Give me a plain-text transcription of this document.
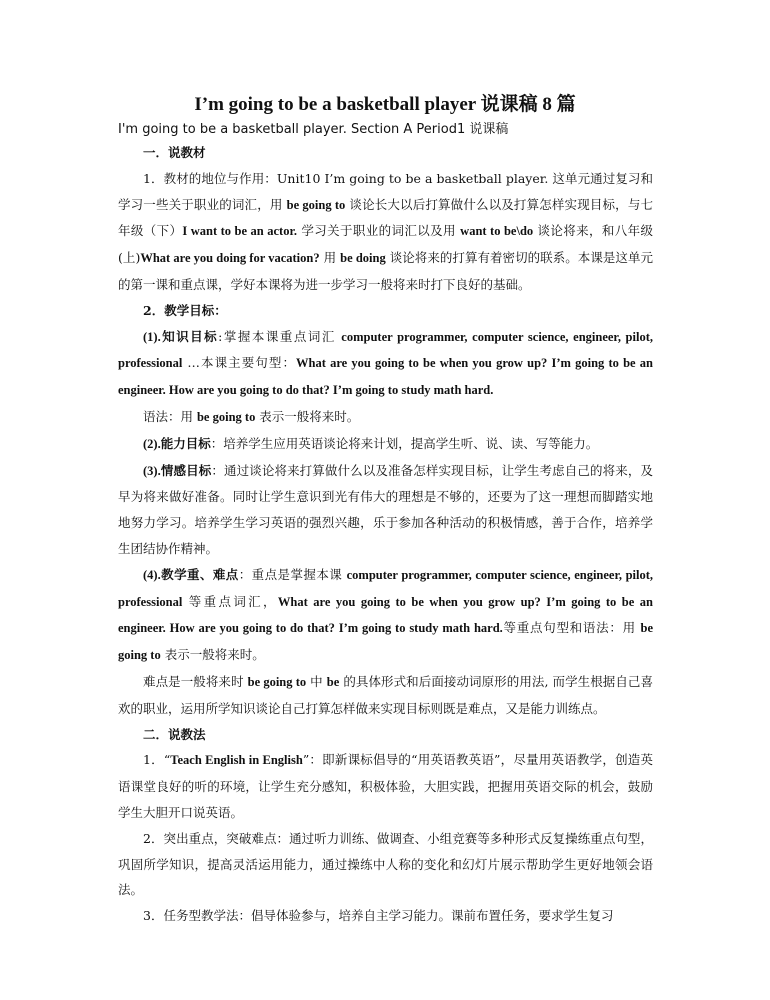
I’m going to be a basketball player 说课稿 8 篇
I'm going to be a basketball player. Section A Period1 说课稿

一．说教材

1．教材的地位与作用：Unit10 I’m going to be a basketball player. 这单元通过复习和学习一些关于职业的词汇，用 be going to 谈论长大以后打算做什么以及打算怎样实现目标，与七年级（下）I want to be an actor. 学习关于职业的词汇以及用 want to be\do 谈论将来，和八年级(上)What are you doing for vacation? 用 be doing 谈论将来的打算有着密切的联系。本课是这单元的第一课和重点课，学好本课将为进一步学习一般将来时打下良好的基础。

2．教学目标：

(1).知识目标:掌握本课重点词汇 computer programmer, computer science, engineer, pilot, professional …本课主要句型：What are you going to be when you grow up? I’m going to be an engineer. How are you going to do that? I’m going to study math hard.

语法：用 be going to 表示一般将来时。

(2).能力目标：培养学生应用英语谈论将来计划，提高学生听、说、读、写等能力。

(3).情感目标：通过谈论将来打算做什么以及准备怎样实现目标，让学生考虑自己的将来，及早为将来做好准备。同时让学生意识到光有伟大的理想是不够的，还要为了这一理想而脚踏实地地努力学习。培养学生学习英语的强烈兴趣，乐于参加各种活动的积极情感，善于合作，培养学生团结协作精神。

(4).教学重、难点：重点是掌握本课 computer programmer, computer science, engineer, pilot, professional 等重点词汇，What are you going to be when you grow up? I’m going to be an engineer. How are you going to do that? I’m going to study math hard.等重点句型和语法：用 be going to 表示一般将来时。

难点是一般将来时 be going to 中 be 的具体形式和后面接动词原形的用法, 而学生根据自己喜欢的职业，运用所学知识谈论自己打算怎样做来实现目标则既是难点，又是能力训练点。

二．说教法

1．“Teach English in English”：即新课标倡导的“用英语教英语”，尽量用英语教学，创造英语课堂良好的听的环境，让学生充分感知，积极体验，大胆实践，把握用英语交际的机会，鼓励学生大胆开口说英语。

2．突出重点，突破难点：通过听力训练、做调查、小组竞赛等多种形式反复操练重点句型，巩固所学知识，提高灵活运用能力，通过操练中人称的变化和幻灯片展示帮助学生更好地领会语法。

3．任务型教学法：倡导体验参与，培养自主学习能力。课前布置任务，要求学生复习
